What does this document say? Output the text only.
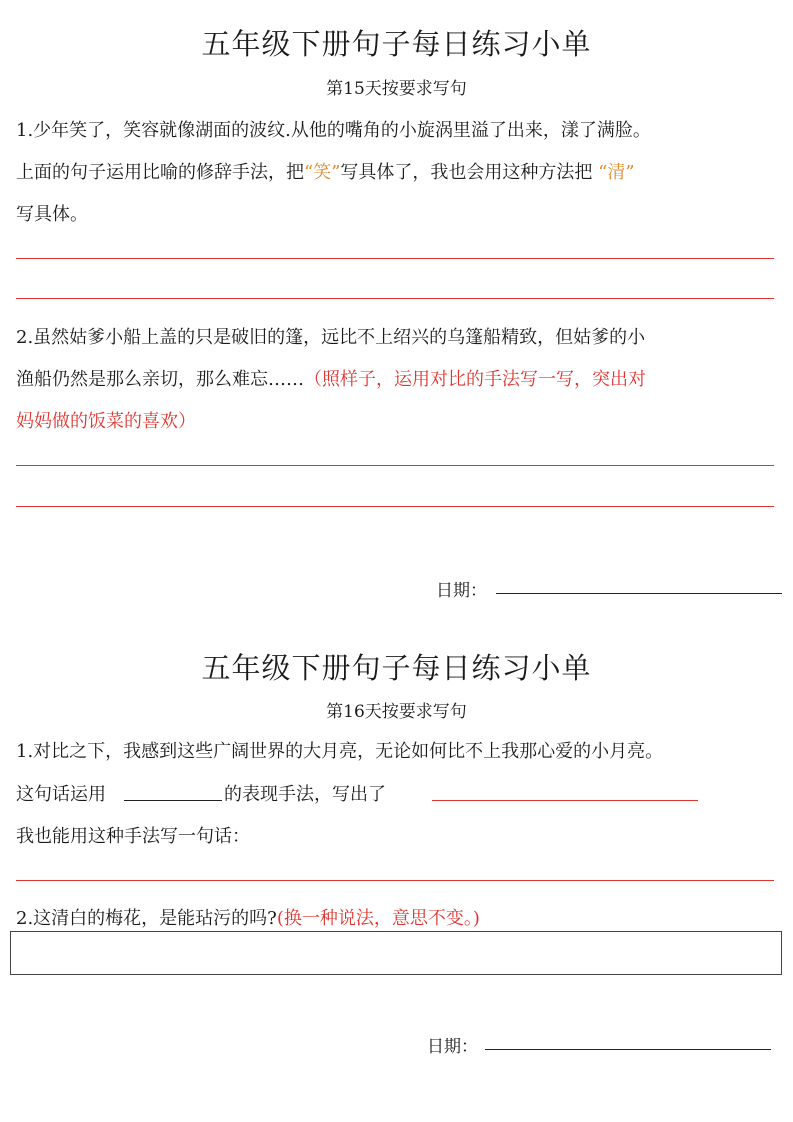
五年级下册句子每日练习小单
第15天按要求写句
1.少年笑了，笑容就像湖面的波纹.从他的嘴角的小旋涡里溢了出来，漾了满脸。
上面的句子运用比喻的修辞手法，把“笑”写具体了，我也会用这种方法把 “清”
写具体。
2.虽然姑爹小船上盖的只是破旧的篷，远比不上绍兴的乌篷船精致，但姑爹的小
渔船仍然是那么亲切，那么难忘……（照样子，运用对比的手法写一写，突出对
妈妈做的饭菜的喜欢）
日期：
五年级下册句子每日练习小单
第16天按要求写句
1.对比之下，我感到这些广阔世界的大月亮，无论如何比不上我那心爱的小月亮。
这句话运用	的表现手法，写出了
我也能用这种手法写一句话：
2.这清白的梅花，是能玷污的吗?(换一种说法，意思不变。)
日期：
